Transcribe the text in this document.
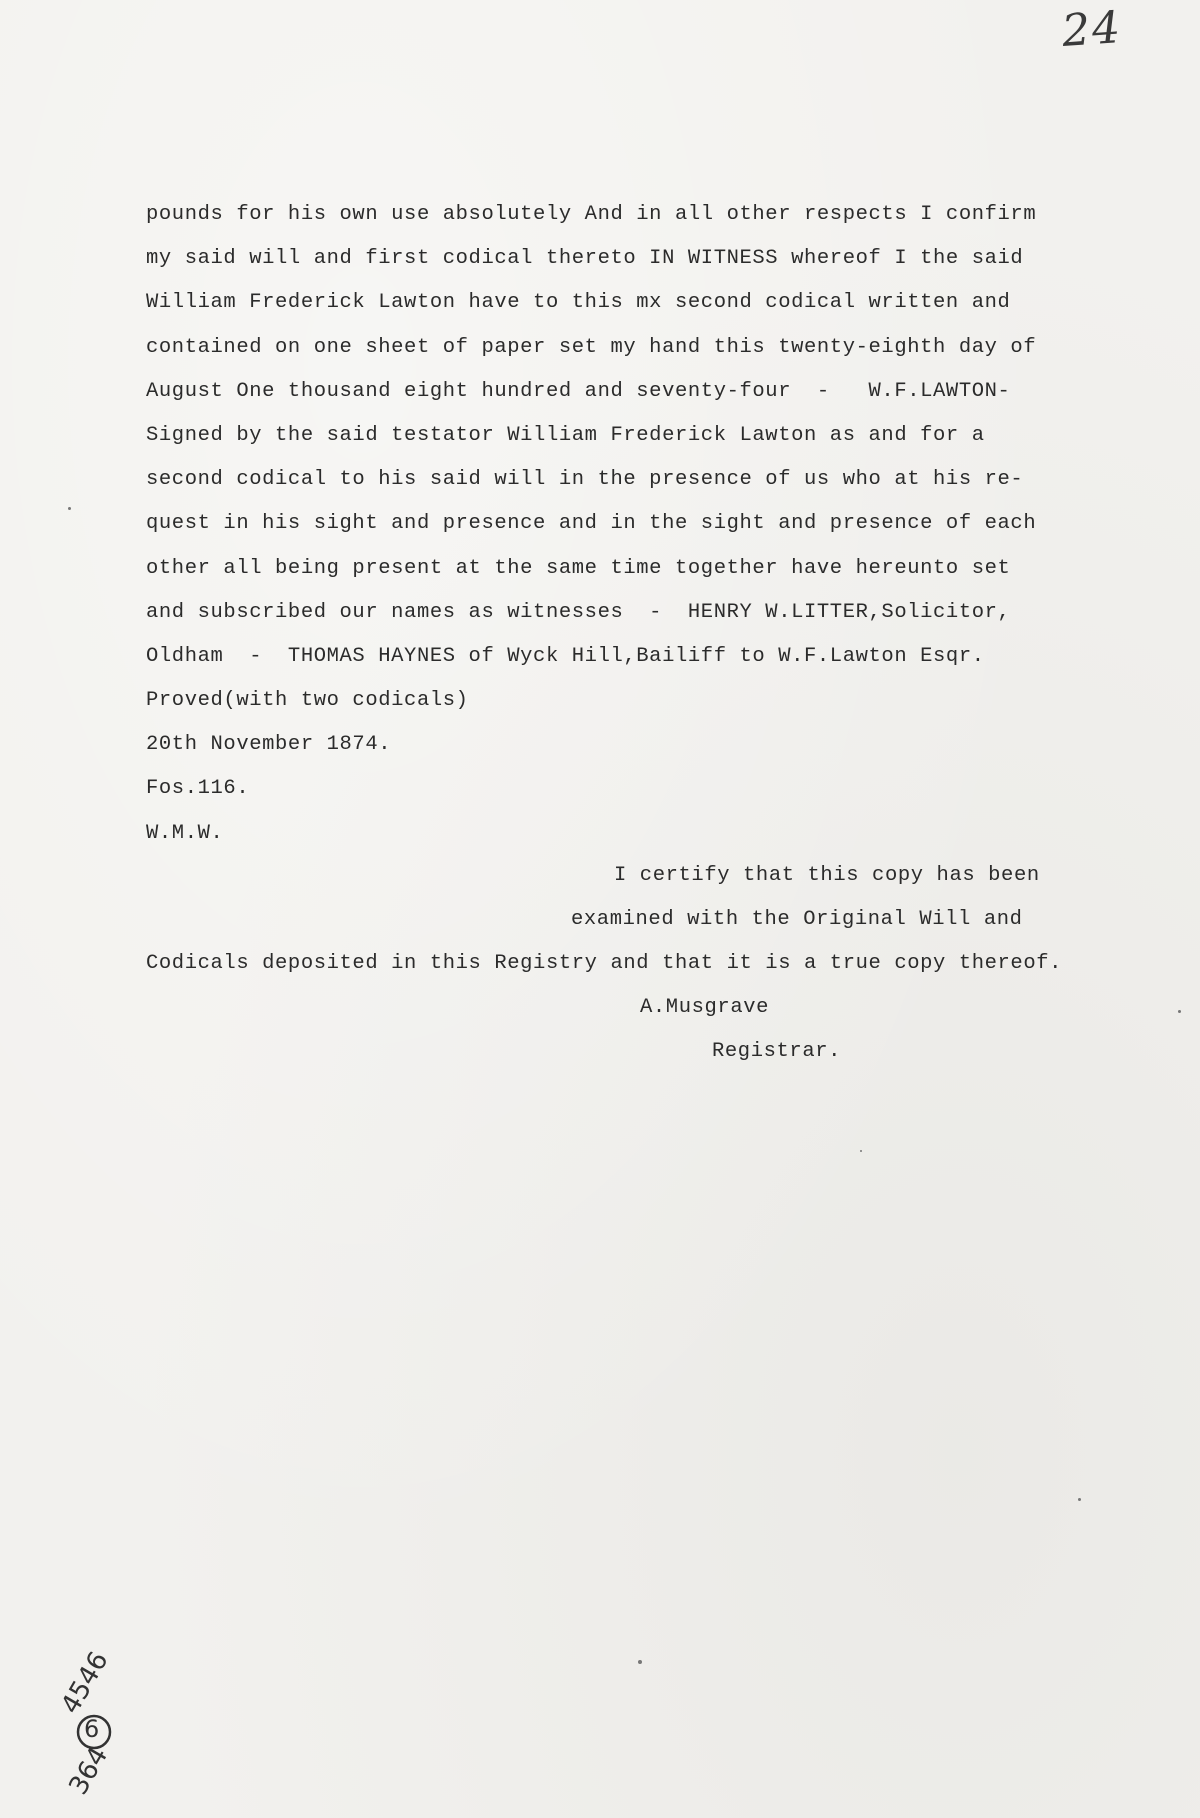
24
pounds for his own use absolutely And in all other respects I confirm
my said will and first codical thereto IN WITNESS whereof I the said
William Frederick Lawton have to this mx second codical written and
contained on one sheet of paper set my hand this twenty-eighth day of
August One thousand eight hundred and seventy-four  -   W.F.LAWTON-
Signed by the said testator William Frederick Lawton as and for a
second codical to his said will in the presence of us who at his re-
quest in his sight and presence and in the sight and presence of each
other all being present at the same time together have hereunto set
and subscribed our names as witnesses  -  HENRY W.LITTER,Solicitor,
Oldham  -  THOMAS HAYNES of Wyck Hill,Bailiff to W.F.Lawton Esqr.
Proved(with two codicals)
20th November 1874.
Fos.116.
W.M.W.
I certify that this copy has been
examined with the Original Will and
Codicals deposited in this Registry and that it is a true copy thereof.
A.Musgrave
Registrar.
4546
6
364
